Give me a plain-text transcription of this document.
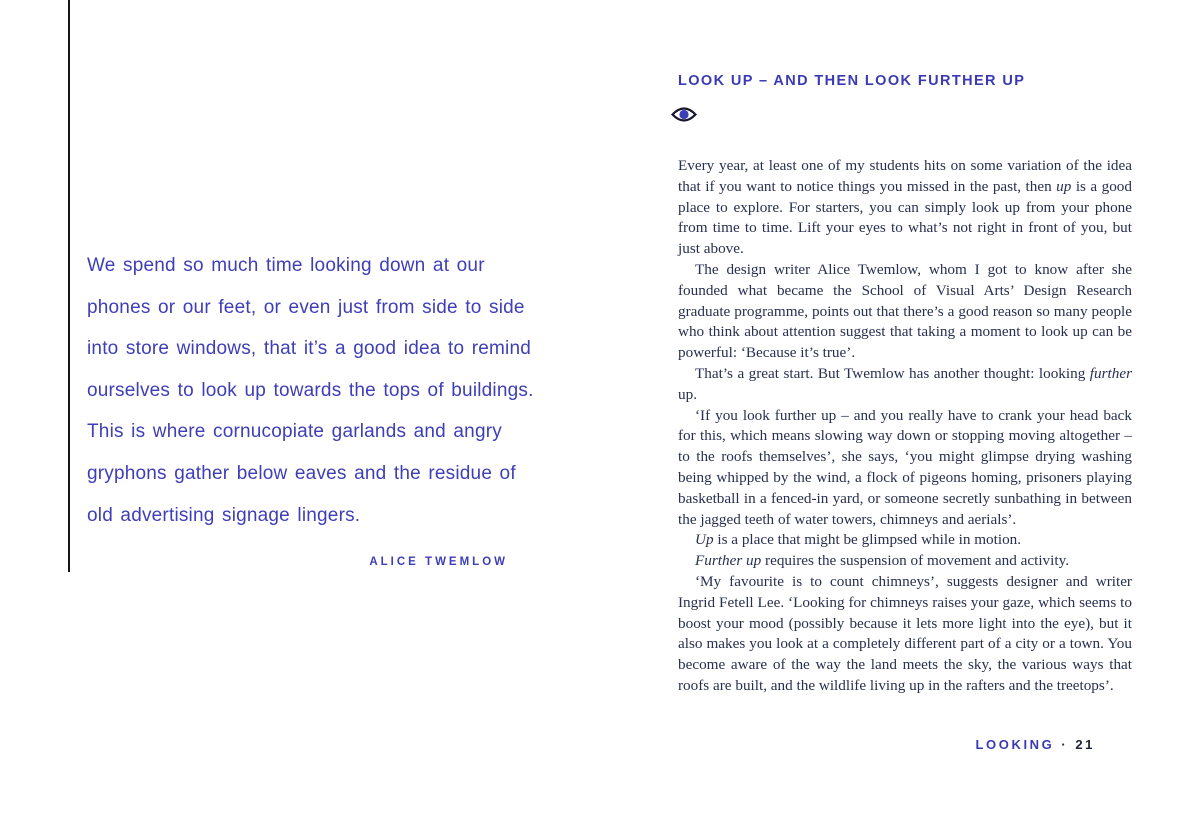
We spend so much time looking down at our
phones or our feet, or even just from side to side
into store windows, that it’s a good idea to remind
ourselves to look up towards the tops of buildings.
This is where cornucopiate garlands and angry
gryphons gather below eaves and the residue of
old advertising signage lingers.
ALICE TWEMLOW
LOOK UP – AND THEN LOOK FURTHER UP

Every year, at least one of my students hits on some variation of the idea that if you want to notice things you missed in the past, then up is a good place to explore. For starters, you can simply look up from your phone from time to time. Lift your eyes to what’s not right in front of you, but just above.

The design writer Alice Twemlow, whom I got to know after she founded what became the School of Visual Arts’ Design Research graduate programme, points out that there’s a good reason so many people who think about attention suggest that taking a moment to look up can be powerful: ‘Because it’s true’.

That’s a great start. But Twemlow has another thought: looking further up.

‘If you look further up – and you really have to crank your head back for this, which means slowing way down or stopping moving altogether – to the roofs themselves’, she says, ‘you might glimpse drying washing being whipped by the wind, a flock of pigeons homing, prisoners playing basketball in a fenced-in yard, or someone secretly sunbathing in between the jagged teeth of water towers, chimneys and aerials’.

Up is a place that might be glimpsed while in motion.

Further up requires the suspension of movement and activity.

‘My favourite is to count chimneys’, suggests designer and writer Ingrid Fetell Lee. ‘Looking for chimneys raises your gaze, which seems to boost your mood (possibly because it lets more light into the eye), but it also makes you look at a completely different part of a city or a town. You become aware of the way the land meets the sky, the various ways that roofs are built, and the wildlife living up in the rafters and the treetops’.

LOOKING · 21
